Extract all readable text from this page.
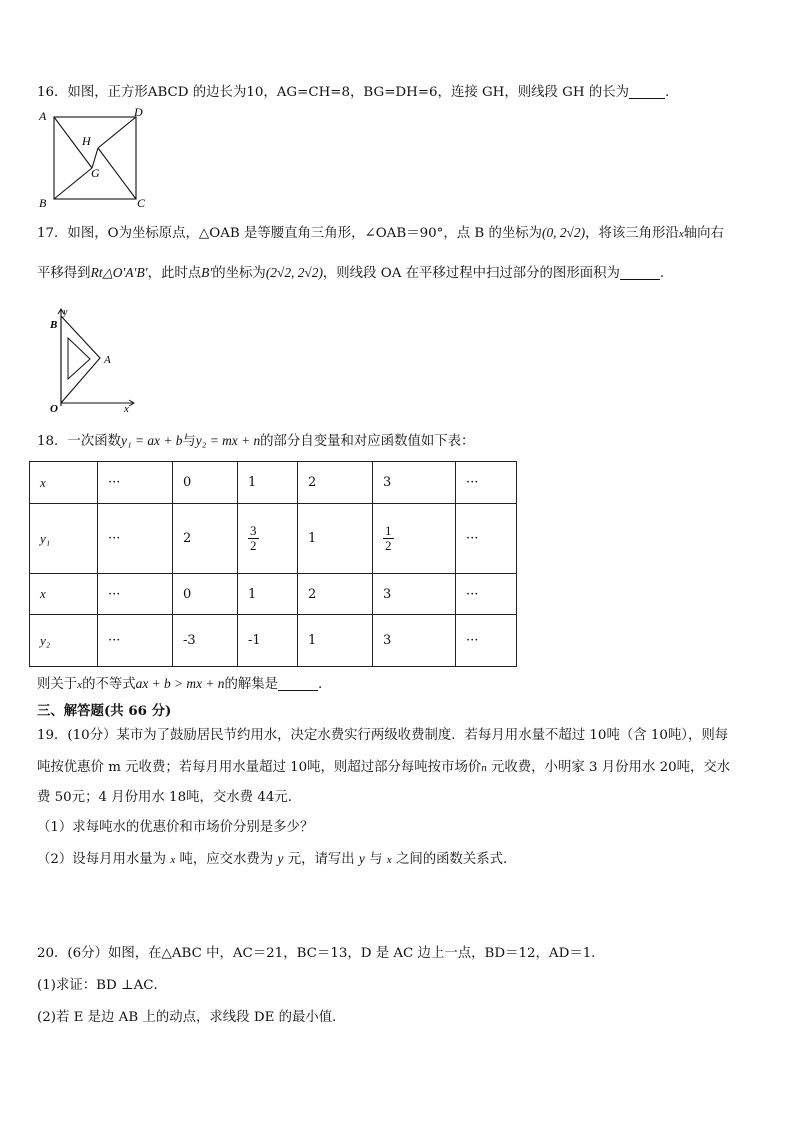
16．如图，正方形ABCD 的边长为10，AG=CH=8，BG=DH=6，连接 GH，则线段 GH 的长为	.
A	D
B	C
H
G
17．如图，O为坐标原点，△OAB 是等腰直角三角形，∠OAB＝90°，点 B 的坐标为(0, 2√2)，将该三角形沿x轴向右
平移得到Rt△O′A′B′，此时点B′的坐标为(2√2, 2√2)，则线段 OA 在平移过程中扫过部分的图形面积为	.
B
y
A
O	x
18．一次函数y₁ = ax + b与y₂ = mx + n的部分自变量和对应函数值如下表：
x	···	0	1	2	3	···
y₁	···	2	$\frac{3}{2}$	1	$\frac{1}{2}$	···
x	···	0	1	2	3	···
y₂	···	-3	-1	1	3	···
则关于x的不等式ax + b > mx + n的解集是	.
三、解答题(共 66 分)
19．(10分）某市为了鼓励居民节约用水，决定水费实行两级收费制度．若每月用水量不超过 10吨（含 10吨），则每
吨按优惠价 m 元收费；若每月用水量超过 10吨，则超过部分每吨按市场价n 元收费，小明家 3 月份用水 20吨，交水
费 50元；4 月份用水 18吨，交水费 44元．
（1）求每吨水的优惠价和市场价分别是多少？
（2）设每月用水量为 x 吨，应交水费为 y 元，请写出 y 与 x 之间的函数关系式．
20．(6分）如图，在△ABC 中，AC＝21，BC＝13，D 是 AC 边上一点，BD＝12，AD＝1．
(1)求证：BD ⊥AC．
(2)若 E 是边 AB 上的动点，求线段 DE 的最小值．
